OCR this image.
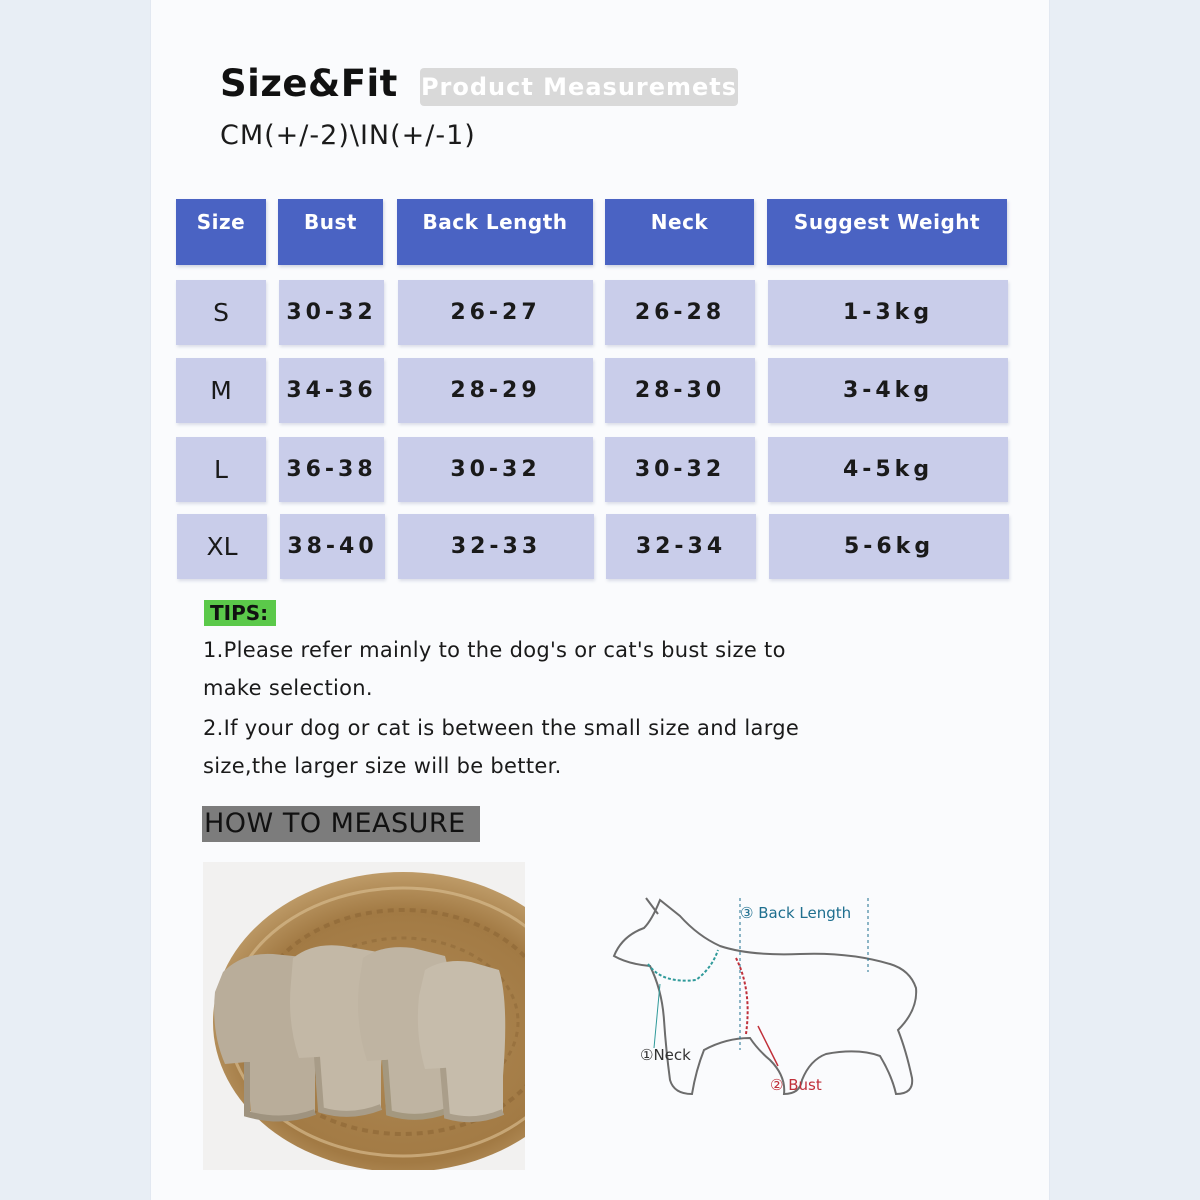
Size&Fit Product Measuremets
CM(+/-2)\IN(+/-1)
Size	Bust	Back Length	Neck	Suggest Weight
S	30-32	26-27	26-28	1-3kg
M	34-36	28-29	28-30	3-4kg
L	36-38	30-32	30-32	4-5kg
XL	38-40	32-33	32-34	5-6kg
TIPS:
1.Please refer mainly to the dog's or cat's bust size to
make selection.
2.If your dog or cat is between the small size and large
size,the larger size will be better.
HOW TO MEASURE
③ Back Length
①Neck
② Bust
